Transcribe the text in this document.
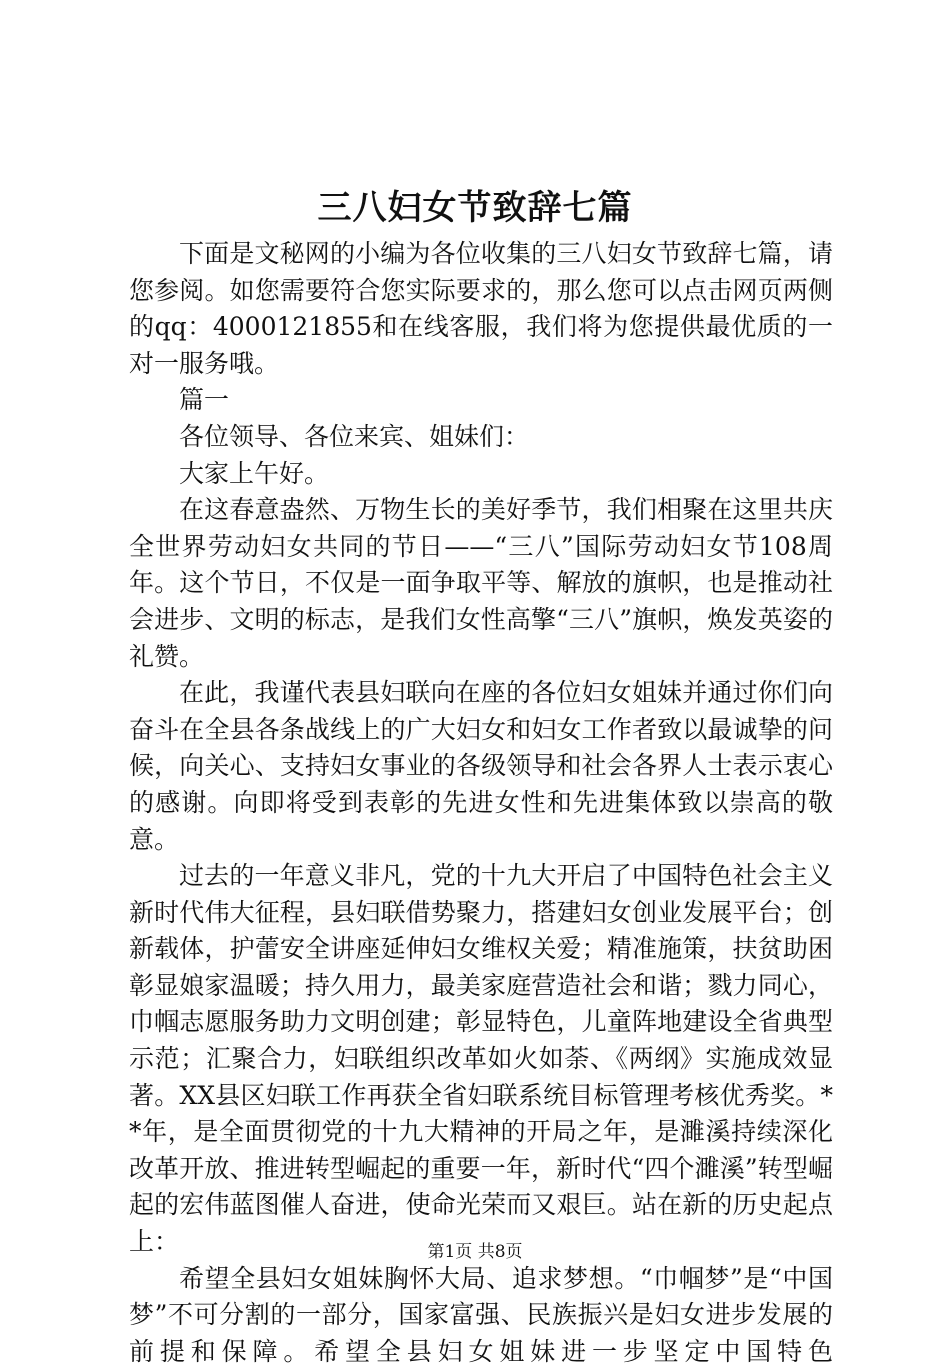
三八妇女节致辞七篇

下面是文秘网的小编为各位收集的三八妇女节致辞七篇，请您参阅。如您需要符合您实际要求的，那么您可以点击网页两侧的qq：4000121855和在线客服，我们将为您提供最优质的一对一服务哦。

篇一

各位领导、各位来宾、姐妹们：

大家上午好。

在这春意盎然、万物生长的美好季节，我们相聚在这里共庆全世界劳动妇女共同的节日——“三八”国际劳动妇女节108周年。这个节日，不仅是一面争取平等、解放的旗帜，也是推动社会进步、文明的标志，是我们女性高擎“三八”旗帜，焕发英姿的礼赞。

在此，我谨代表县妇联向在座的各位妇女姐妹并通过你们向奋斗在全县各条战线上的广大妇女和妇女工作者致以最诚挚的问候，向关心、支持妇女事业的各级领导和社会各界人士表示衷心的感谢。向即将受到表彰的先进女性和先进集体致以崇高的敬意。

过去的一年意义非凡，党的十九大开启了中国特色社会主义新时代伟大征程，县妇联借势聚力，搭建妇女创业发展平台；创新载体，护蕾安全讲座延伸妇女维权关爱；精准施策，扶贫助困彰显娘家温暖；持久用力，最美家庭营造社会和谐；戮力同心，巾帼志愿服务助力文明创建；彰显特色，儿童阵地建设全省典型示范；汇聚合力，妇联组织改革如火如荼、《两纲》实施成效显著。XX县区妇联工作再获全省妇联系统目标管理考核优秀奖。**年，是全面贯彻党的十九大精神的开局之年，是濉溪持续深化改革开放、推进转型崛起的重要一年，新时代“四个濉溪”转型崛起的宏伟蓝图催人奋进，使命光荣而又艰巨。站在新的历史起点上：

希望全县妇女姐妹胸怀大局、追求梦想。“巾帼梦”是“中国梦”不可分割的一部分，国家富强、民族振兴是妇女进步发展的前提和保障。希望全县妇女姐妹进一步坚定中国特色

第1页 共8页
